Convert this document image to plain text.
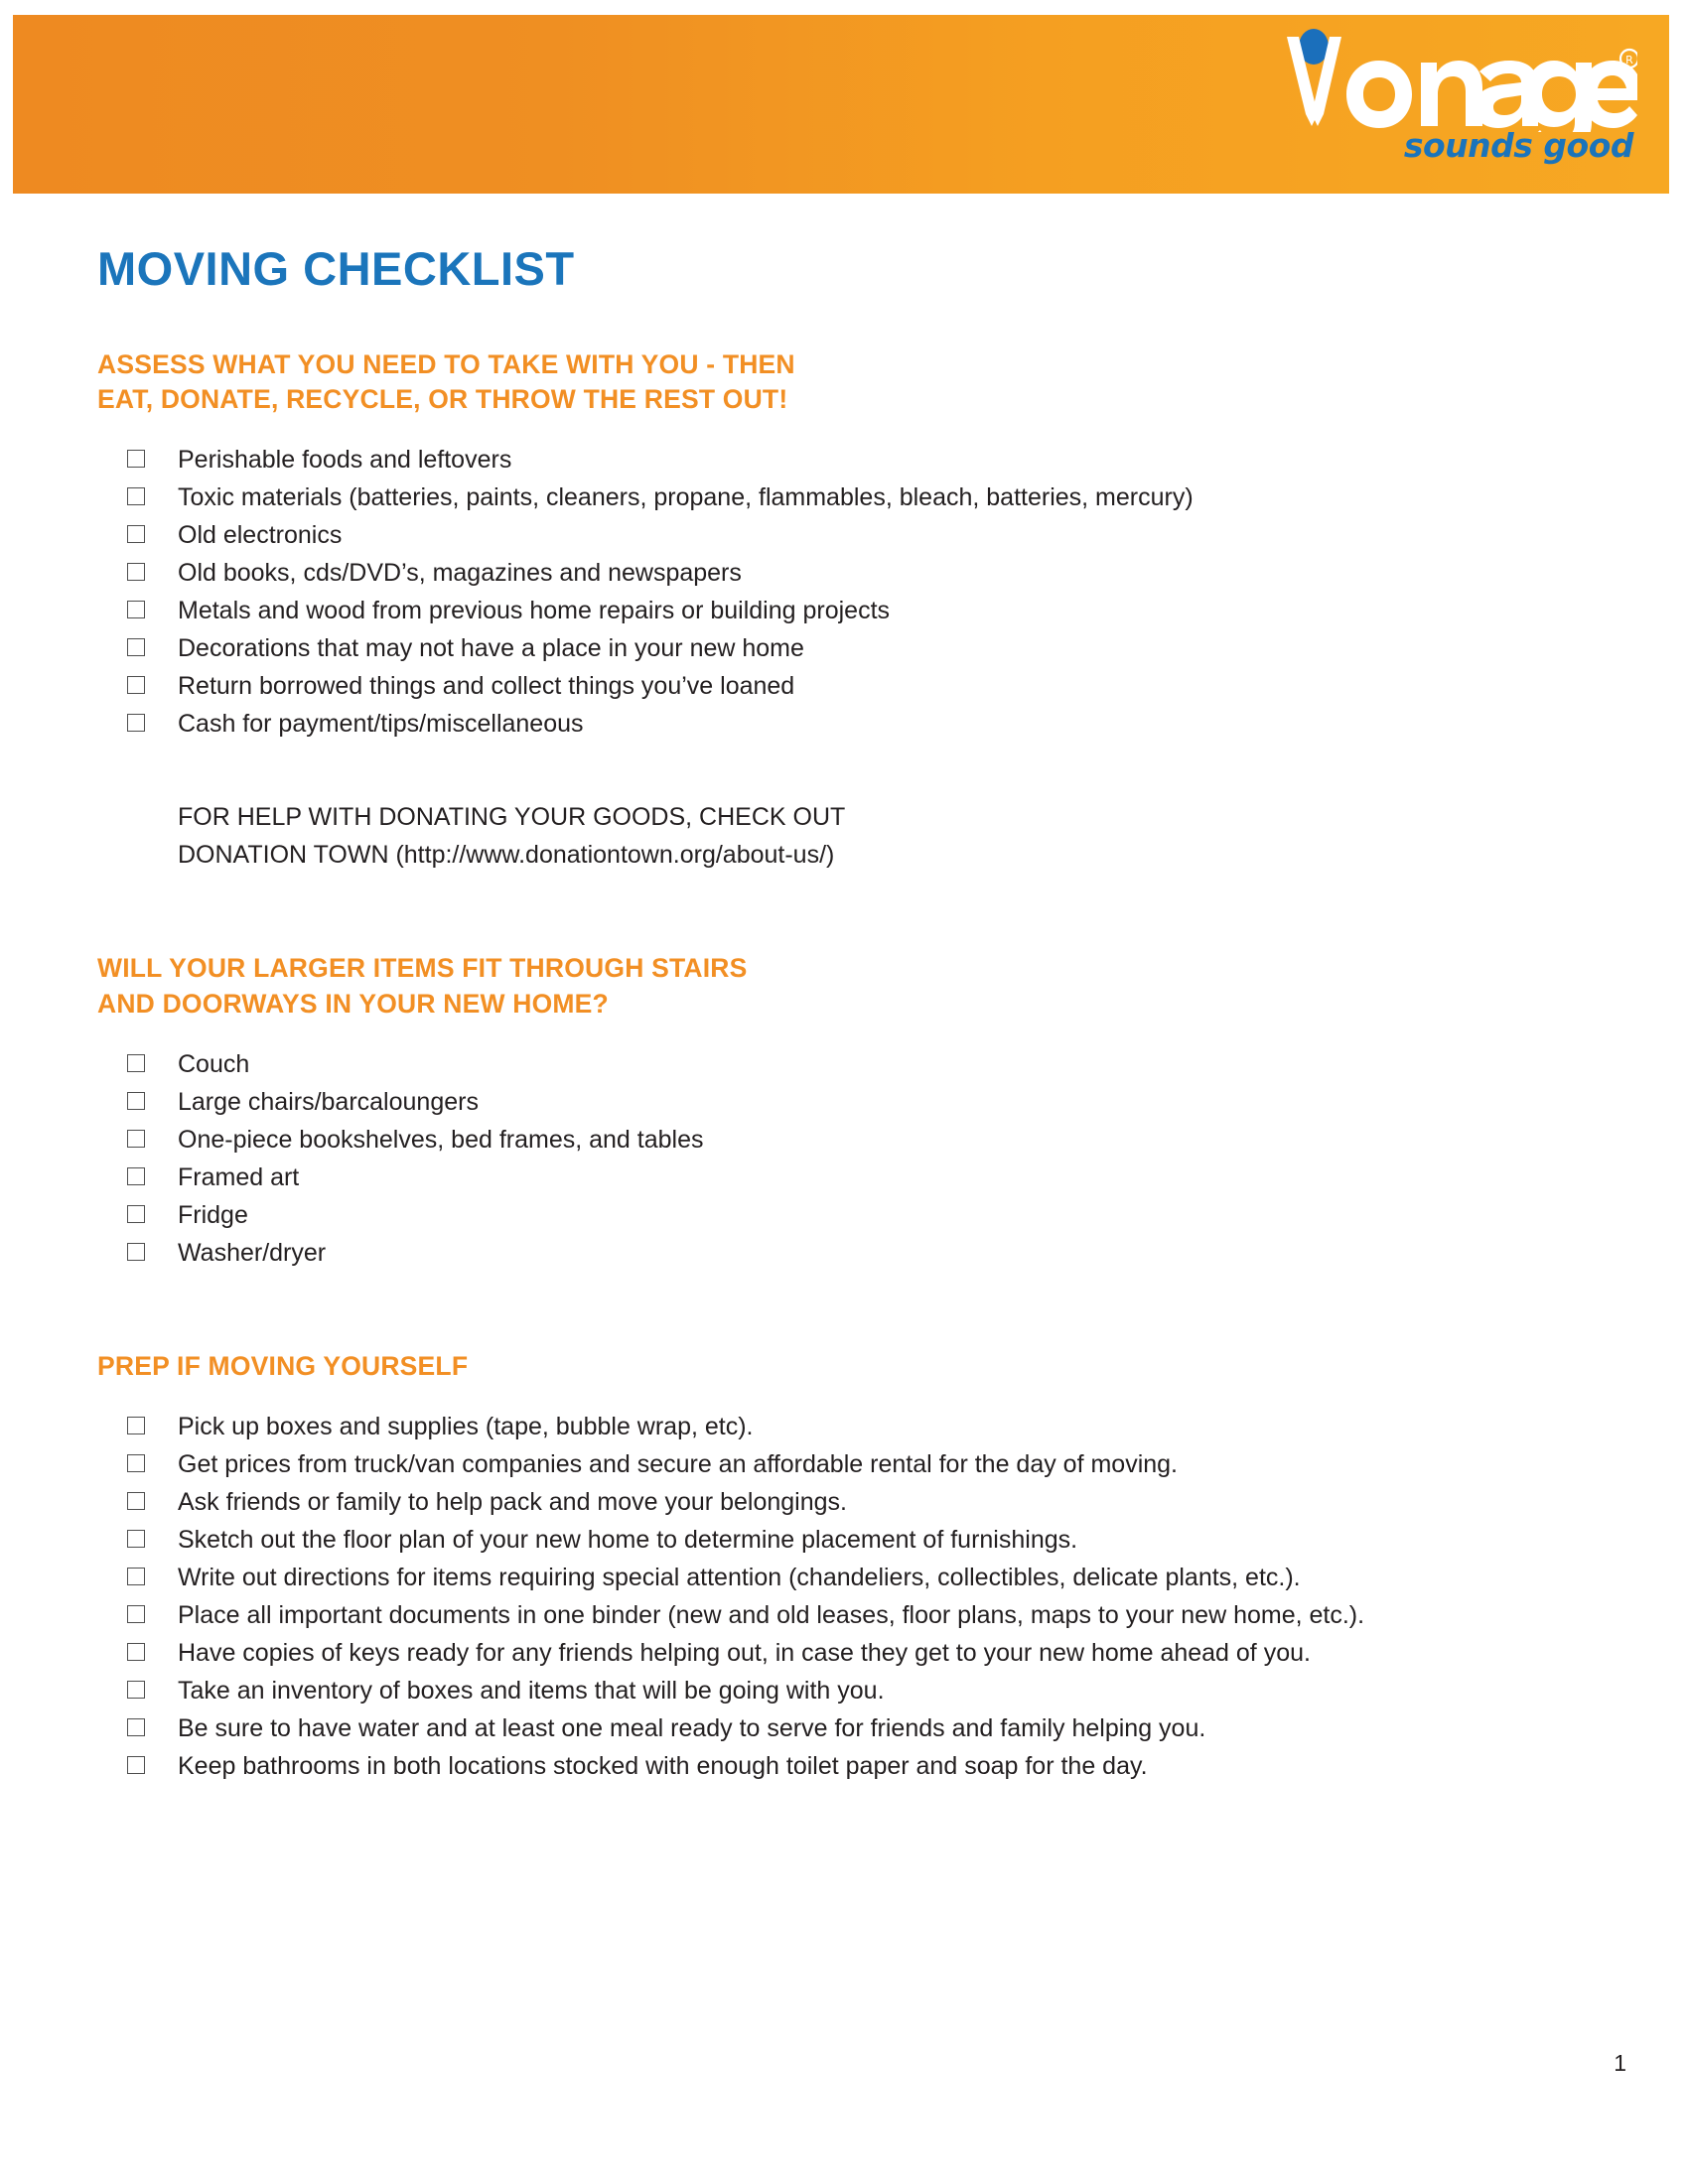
R
sounds good
MOVING CHECKLIST
ASSESS WHAT YOU NEED TO TAKE WITH YOU - THEN
EAT, DONATE, RECYCLE, OR THROW THE REST OUT!
Perishable foods and leftovers
Toxic materials (batteries, paints, cleaners, propane, flammables, bleach, batteries, mercury)
Old electronics
Old books, cds/DVD’s, magazines and newspapers
Metals and wood from previous home repairs or building projects
Decorations that may not have a place in your new home
Return borrowed things and collect things you’ve loaned
Cash for payment/tips/miscellaneous
FOR HELP WITH DONATING YOUR GOODS, CHECK OUT
DONATION TOWN (http://www.donationtown.org/about-us/)
WILL YOUR LARGER ITEMS FIT THROUGH STAIRS
AND DOORWAYS IN YOUR NEW HOME?
Couch
Large chairs/barcaloungers
One-piece bookshelves, bed frames, and tables
Framed art
Fridge
Washer/dryer
PREP IF MOVING YOURSELF
Pick up boxes and supplies (tape, bubble wrap, etc).
Get prices from truck/van companies and secure an affordable rental for the day of moving.
Ask friends or family to help pack and move your belongings.
Sketch out the floor plan of your new home to determine placement of furnishings.
Write out directions for items requiring special attention (chandeliers, collectibles, delicate plants, etc.).
Place all important documents in one binder (new and old leases, floor plans, maps to your new home, etc.).
Have copies of keys ready for any friends helping out, in case they get to your new home ahead of you.
Take an inventory of boxes and items that will be going with you.
Be sure to have water and at least one meal ready to serve for friends and family helping you.
Keep bathrooms in both locations stocked with enough toilet paper and soap for the day.
1
